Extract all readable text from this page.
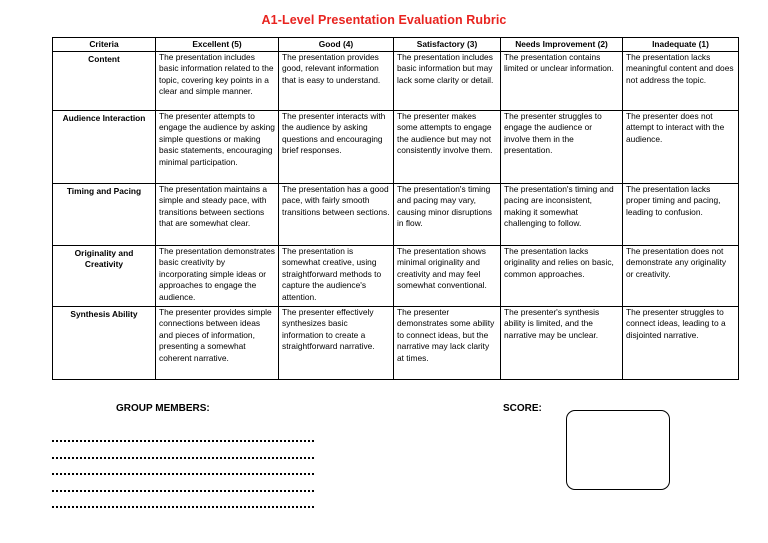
A1-Level Presentation Evaluation Rubric
Criteria	Excellent (5)	Good (4)	Satisfactory (3)	Needs Improvement (2)	Inadequate (1)
Content	The presentation includes basic information related to the topic, covering key points in a clear and simple manner.	The presentation provides good, relevant information that is easy to understand.	The presentation includes basic information but may lack some clarity or detail.	The presentation contains limited or unclear information.	The presentation lacks meaningful content and does not address the topic.
Audience Interaction	The presenter attempts to engage the audience by asking simple questions or making basic statements, encouraging minimal participation.	The presenter interacts with the audience by asking questions and encouraging brief responses.	The presenter makes some attempts to engage the audience but may not consistently involve them.	The presenter struggles to engage the audience or involve them in the presentation.	The presenter does not attempt to interact with the audience.
Timing and Pacing	The presentation maintains a simple and steady pace, with transitions between sections that are somewhat clear.	The presentation has a good pace, with fairly smooth transitions between sections.	The presentation's timing and pacing may vary, causing minor disruptions in flow.	The presentation's timing and pacing are inconsistent, making it somewhat challenging to follow.	The presentation lacks proper timing and pacing, leading to confusion.
Originality and Creativity	The presentation demonstrates basic creativity by incorporating simple ideas or approaches to engage the audience.	The presentation is somewhat creative, using straightforward methods to capture the audience's attention.	The presentation shows minimal originality and creativity and may feel somewhat conventional.	The presentation lacks originality and relies on basic, common approaches.	The presentation does not demonstrate any originality or creativity.
Synthesis Ability	The presenter provides simple connections between ideas and pieces of information, presenting a somewhat coherent narrative.	The presenter effectively synthesizes basic information to create a straightforward narrative.	The presenter demonstrates some ability to connect ideas, but the narrative may lack clarity at times.	The presenter's synthesis ability is limited, and the narrative may be unclear.	The presenter struggles to connect ideas, leading to a disjointed narrative.
GROUP MEMBERS:	SCORE:
